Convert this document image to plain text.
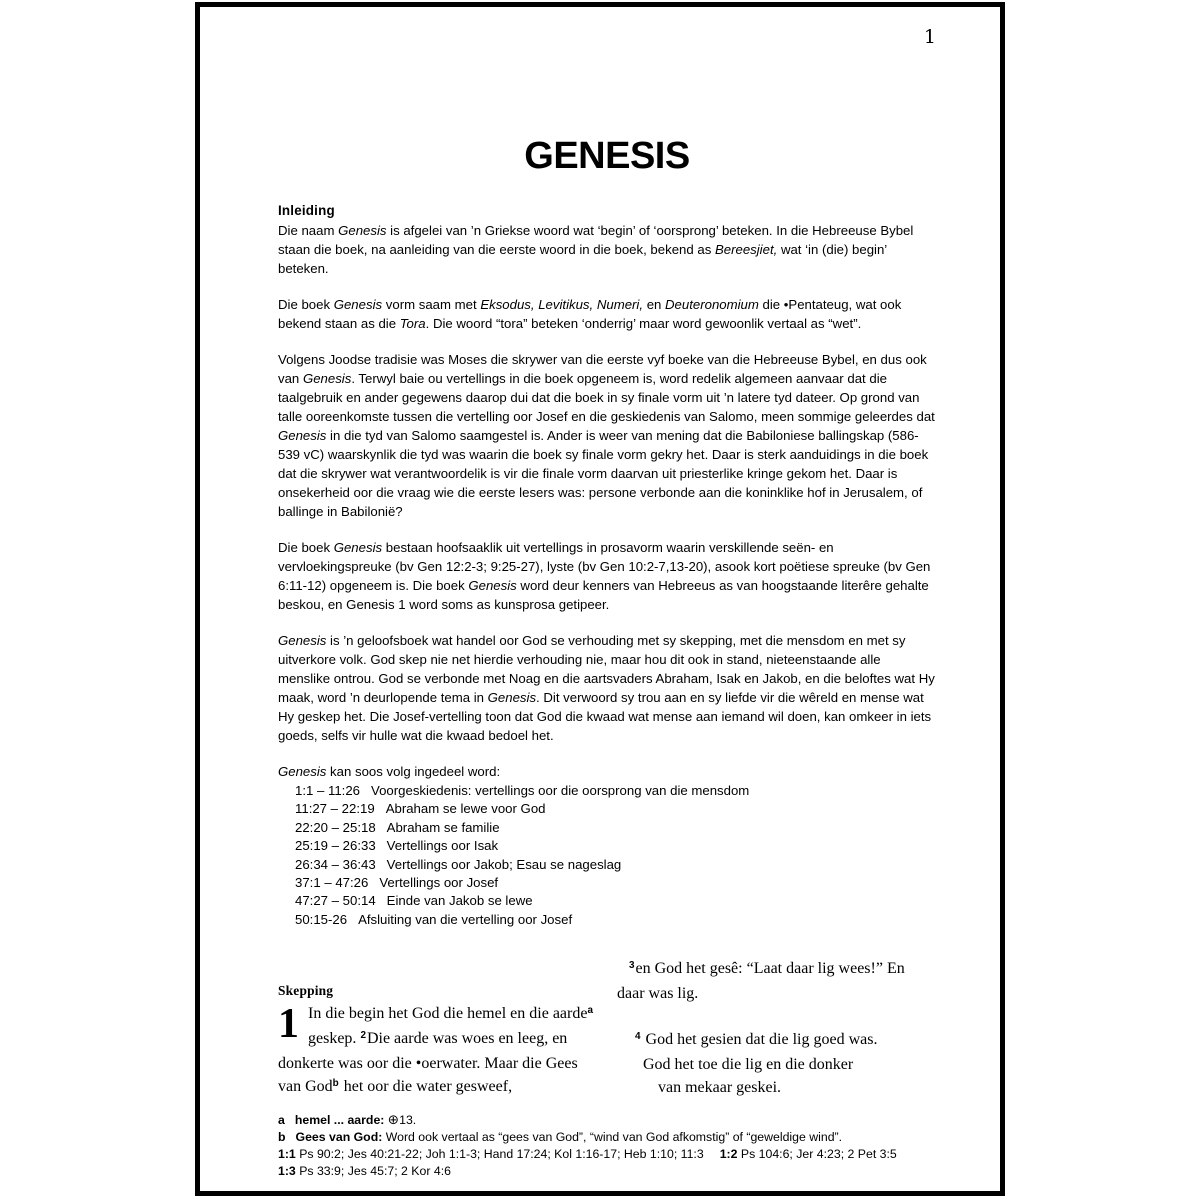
1
GENESIS
Inleiding

Die naam Genesis is afgelei van ’n Griekse woord wat ‘begin’ of ‘oorsprong’ beteken. In die Hebreeuse Bybel staan die boek, na aanleiding van die eerste woord in die boek, bekend as Bereesjiet, wat ‘in (die) begin’ beteken.

Die boek Genesis vorm saam met Eksodus, Levitikus, Numeri, en Deuteronomium die •Pentateug, wat ook bekend staan as die Tora. Die woord “tora” beteken ‘onderrig’ maar word gewoonlik vertaal as “wet”.

Volgens Joodse tradisie was Moses die skrywer van die eerste vyf boeke van die Hebreeuse Bybel, en dus ook van Genesis. Terwyl baie ou vertellings in die boek opgeneem is, word redelik algemeen aanvaar dat die taalgebruik en ander gegewens daarop dui dat die boek in sy finale vorm uit ’n latere tyd dateer. Op grond van talle ooreenkomste tussen die vertelling oor Josef en die geskiedenis van Salomo, meen sommige geleerdes dat Genesis in die tyd van Salomo saamgestel is. Ander is weer van mening dat die Babiloniese ballingskap (586-539 vC) waarskynlik die tyd was waarin die boek sy finale vorm gekry het. Daar is sterk aanduidings in die boek dat die skrywer wat verantwoordelik is vir die finale vorm daarvan uit priesterlike kringe gekom het. Daar is onsekerheid oor die vraag wie die eerste lesers was: persone verbonde aan die koninklike hof in Jerusalem, of ballinge in Babilonië?

Die boek Genesis bestaan hoofsaaklik uit vertellings in prosavorm waarin verskillende seën- en vervloekingspreuke (bv Gen 12:2-3; 9:25-27), lyste (bv Gen 10:2-7,13-20), asook kort poëtiese spreuke (bv Gen 6:11-12) opgeneem is. Die boek Genesis word deur kenners van Hebreeus as van hoogstaande literêre gehalte beskou, en Genesis 1 word soms as kunsprosa getipeer.

Genesis is ’n geloofsboek wat handel oor God se verhouding met sy skepping, met die mensdom en met sy uitverkore volk. God skep nie net hierdie verhouding nie, maar hou dit ook in stand, nieteenstaande alle menslike ontrou. God se verbonde met Noag en die aartsvaders Abraham, Isak en Jakob, en die beloftes wat Hy maak, word ’n deurlopende tema in Genesis. Dit verwoord sy trou aan en sy liefde vir die wêreld en mense wat Hy geskep het. Die Josef-vertelling toon dat God die kwaad wat mense aan iemand wil doen, kan omkeer in iets goeds, selfs vir hulle wat die kwaad bedoel het.

Genesis kan soos volg ingedeel word:

1:1 – 11:26 Voorgeskiedenis: vertellings oor die oorsprong van die mensdom
11:27 – 22:19 Abraham se lewe voor God
22:20 – 25:18 Abraham se familie
25:19 – 26:33 Vertellings oor Isak
26:34 – 36:43 Vertellings oor Jakob; Esau se nageslag
37:1 – 47:26 Vertellings oor Josef
47:27 – 50:14 Einde van Jakob se lewe
50:15-26 Afsluiting van die vertelling oor Josef
Skepping

1 In die begin het God die hemel en die aarde$^a$ geskep. $^2$Die aarde was woes en leeg, en donkerte was oor die •oerwater. Maar die Gees van God$^b$ het oor die water gesweef,

$^3$en God het gesê: “Laat daar lig wees!” En daar was lig.

$^4$ God het gesien dat die lig goed was.
God het toe die lig en die donker
van mekaar geskei.
a hemel ... aarde: ⊕13.
b Gees van God: Word ook vertaal as “gees van God”, “wind van God afkomstig” of “geweldige wind”.
1:1 Ps 90:2; Jes 40:21-22; Joh 1:1-3; Hand 17:24; Kol 1:16-17; Heb 1:10; 11:3 1:2 Ps 104:6; Jer 4:23; 2 Pet 3:5
1:3 Ps 33:9; Jes 45:7; 2 Kor 4:6
